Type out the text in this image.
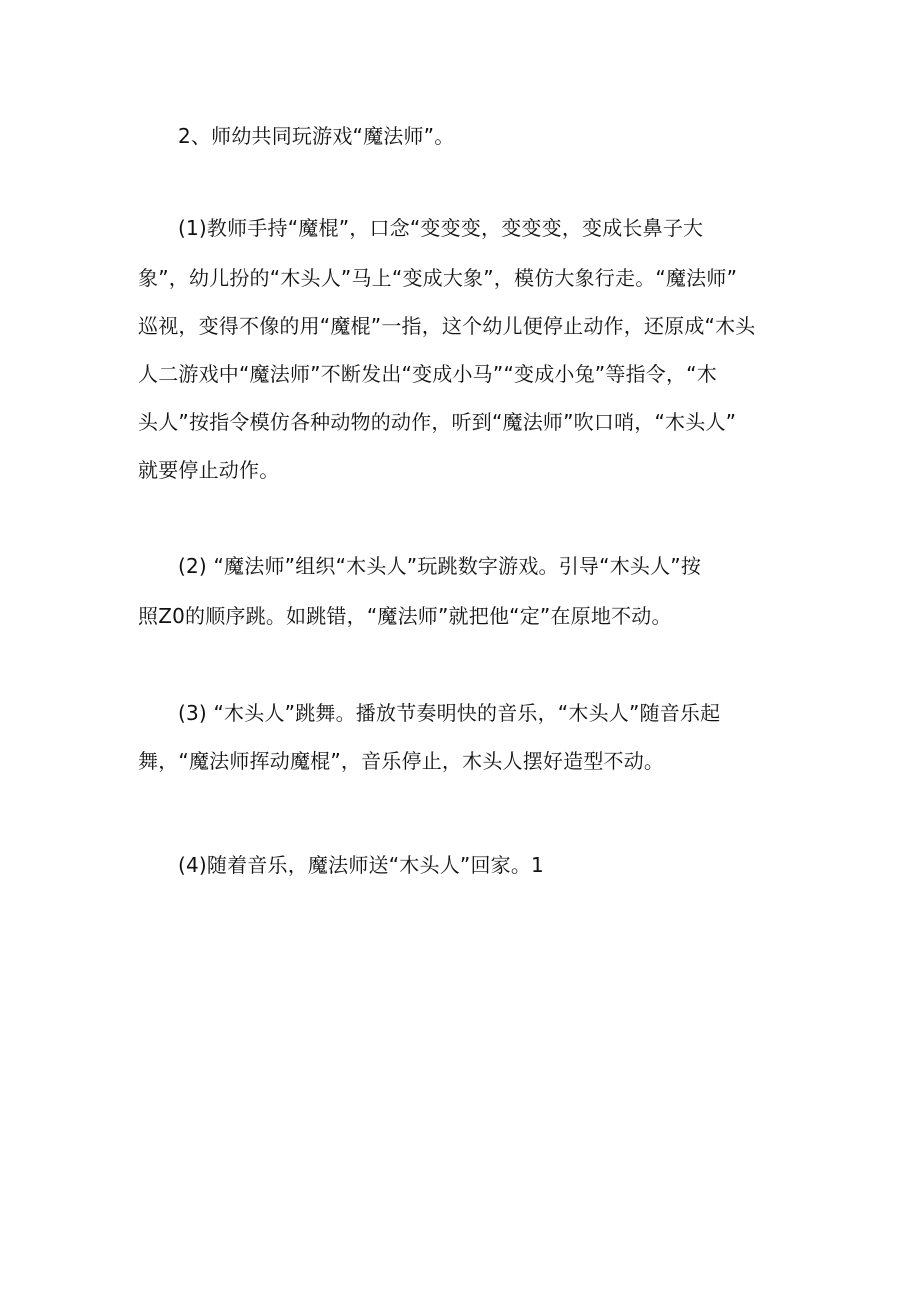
2、师幼共同玩游戏“魔法师”。
(1)教师手持“魔棍”，口念“变变变，变变变，变成长鼻子大
象”，幼儿扮的“木头人”马上“变成大象”，模仿大象行走。“魔法师”
巡视，变得不像的用“魔棍”一指，这个幼儿便停止动作，还原成“木头
人二游戏中“魔法师”不断发出“变成小马”“变成小兔”等指令，“木
头人”按指令模仿各种动物的动作，听到“魔法师”吹口哨，“木头人”
就要停止动作。
(2) “魔法师”组织“木头人”玩跳数字游戏。引导“木头人”按
照Z0的顺序跳。如跳错，“魔法师”就把他“定”在原地不动。
(3) “木头人”跳舞。播放节奏明快的音乐，“木头人”随音乐起
舞，“魔法师挥动魔棍”，音乐停止，木头人摆好造型不动。
(4)随着音乐，魔法师送“木头人”回家。1
